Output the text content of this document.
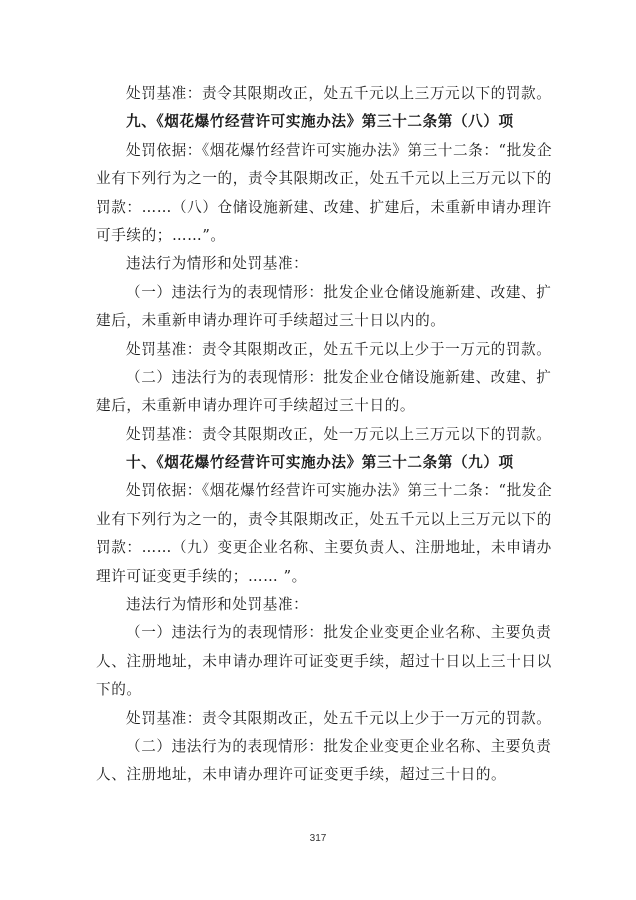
处罚基准：责令其限期改正，处五千元以上三万元以下的罚款。
九、《烟花爆竹经营许可实施办法》第三十二条第（八）项
处罚依据：《烟花爆竹经营许可实施办法》第三十二条：“批发企
业有下列行为之一的，责令其限期改正，处五千元以上三万元以下的
罚款：……（八）仓储设施新建、改建、扩建后，未重新申请办理许
可手续的；……”。
违法行为情形和处罚基准：
（一）违法行为的表现情形：批发企业仓储设施新建、改建、扩
建后，未重新申请办理许可手续超过三十日以内的。
处罚基准：责令其限期改正，处五千元以上少于一万元的罚款。
（二）违法行为的表现情形：批发企业仓储设施新建、改建、扩
建后，未重新申请办理许可手续超过三十日的。
处罚基准：责令其限期改正，处一万元以上三万元以下的罚款。
十、《烟花爆竹经营许可实施办法》第三十二条第（九）项
处罚依据：《烟花爆竹经营许可实施办法》第三十二条：“批发企
业有下列行为之一的，责令其限期改正，处五千元以上三万元以下的
罚款：……（九）变更企业名称、主要负责人、注册地址，未申请办
理许可证变更手续的；…… ”。
违法行为情形和处罚基准：
（一）违法行为的表现情形：批发企业变更企业名称、主要负责
人、注册地址，未申请办理许可证变更手续，超过十日以上三十日以
下的。
处罚基准：责令其限期改正，处五千元以上少于一万元的罚款。
（二）违法行为的表现情形：批发企业变更企业名称、主要负责
人、注册地址，未申请办理许可证变更手续，超过三十日的。
317
